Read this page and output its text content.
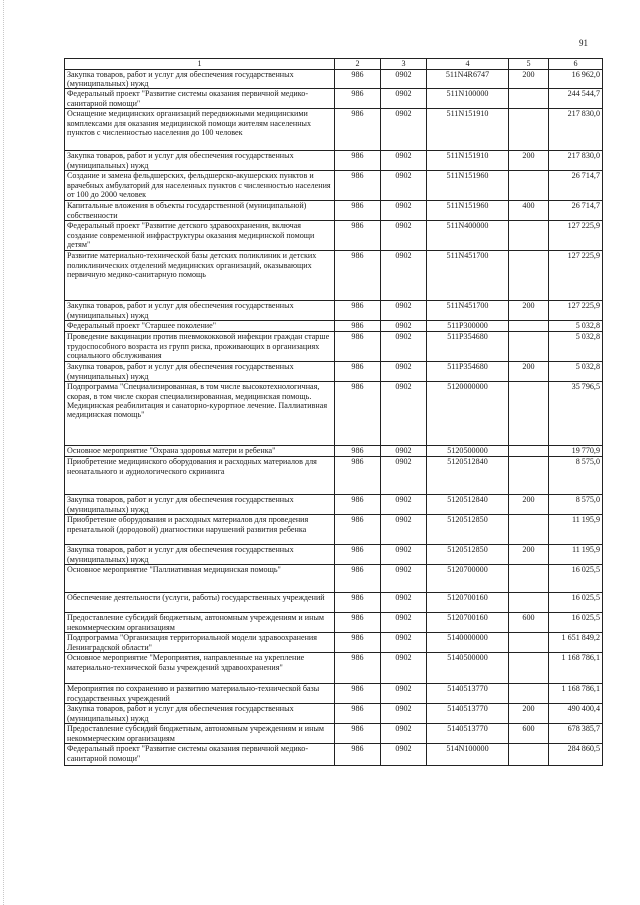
91
1	2	3	4	5	6
Закупка товаров, работ и услуг для обеспечения государственных (муниципальных) нужд	986	0902	511N4R6747	200	16 962,0
Федеральный проект "Развитие системы оказания первичной медико-санитарной помощи"	986	0902	511N100000		244 544,7
Оснащение медицинских организаций передвижными медицинскими комплексами для оказания медицинской помощи жителям населенных пунктов с численностью населения до 100 человек	986	0902	511N151910		217 830,0
Закупка товаров, работ и услуг для обеспечения государственных (муниципальных) нужд	986	0902	511N151910	200	217 830,0
Создание и замена фельдшерских, фельдшерско-акушерских пунктов и врачебных амбулаторий для населенных пунктов с численностью населения от 100 до 2000 человек	986	0902	511N151960		26 714,7
Капитальные вложения в объекты государственной (муниципальной) собственности	986	0902	511N151960	400	26 714,7
Федеральный проект "Развитие детского здравоохранения, включая создание современной инфраструктуры оказания медицинской помощи детям"	986	0902	511N400000		127 225,9
Развитие материально-технической базы детских поликлиник и детских поликлинических отделений медицинских организаций, оказывающих первичную медико-санитарную помощь	986	0902	511N451700		127 225,9
Закупка товаров, работ и услуг для обеспечения государственных (муниципальных) нужд	986	0902	511N451700	200	127 225,9
Федеральный проект "Старшее поколение"	986	0902	511P300000		5 032,8
Проведение вакцинации против пневмококковой инфекции граждан старше трудоспособного возраста из групп риска, проживающих в организациях социального обслуживания	986	0902	511P354680		5 032,8
Закупка товаров, работ и услуг для обеспечения государственных (муниципальных) нужд	986	0902	511P354680	200	5 032,8
Подпрограмма "Специализированная, в том числе высокотехнологичная, скорая, в том числе скорая специализированная, медицинская помощь. Медицинская реабилитация и санаторно-курортное лечение. Паллиативная медицинская помощь"	986	0902	5120000000		35 796,5
Основное мероприятие "Охрана здоровья матери и ребенка"	986	0902	5120500000		19 770,9
Приобретение медицинского оборудования и расходных материалов для неонатального и аудиологического скрининга	986	0902	5120512840		8 575,0
Закупка товаров, работ и услуг для обеспечения государственных (муниципальных) нужд	986	0902	5120512840	200	8 575,0
Приобретение оборудования и расходных материалов для проведения пренатальной (дородовой) диагностики нарушений развития ребенка	986	0902	5120512850		11 195,9
Закупка товаров, работ и услуг для обеспечения государственных (муниципальных) нужд	986	0902	5120512850	200	11 195,9
Основное мероприятие "Паллиативная медицинская помощь"	986	0902	5120700000		16 025,5
Обеспечение деятельности (услуги, работы) государственных учреждений	986	0902	5120700160		16 025,5
Предоставление субсидий бюджетным, автономным учреждениям и иным некоммерческим организациям	986	0902	5120700160	600	16 025,5
Подпрограмма "Организация территориальной модели здравоохранения Ленинградской области"	986	0902	5140000000		1 651 849,2
Основное мероприятие "Мероприятия, направленные на укрепление материально-технической базы учреждений здравоохранения"	986	0902	5140500000		1 168 786,1
Мероприятия по сохранению и развитию материально-технической базы государственных учреждений	986	0902	5140513770		1 168 786,1
Закупка товаров, работ и услуг для обеспечения государственных (муниципальных) нужд	986	0902	5140513770	200	490 400,4
Предоставление субсидий бюджетным, автономным учреждениям и иным некоммерческим организациям	986	0902	5140513770	600	678 385,7
Федеральный проект "Развитие системы оказания первичной медико-санитарной помощи"	986	0902	514N100000		284 860,5
